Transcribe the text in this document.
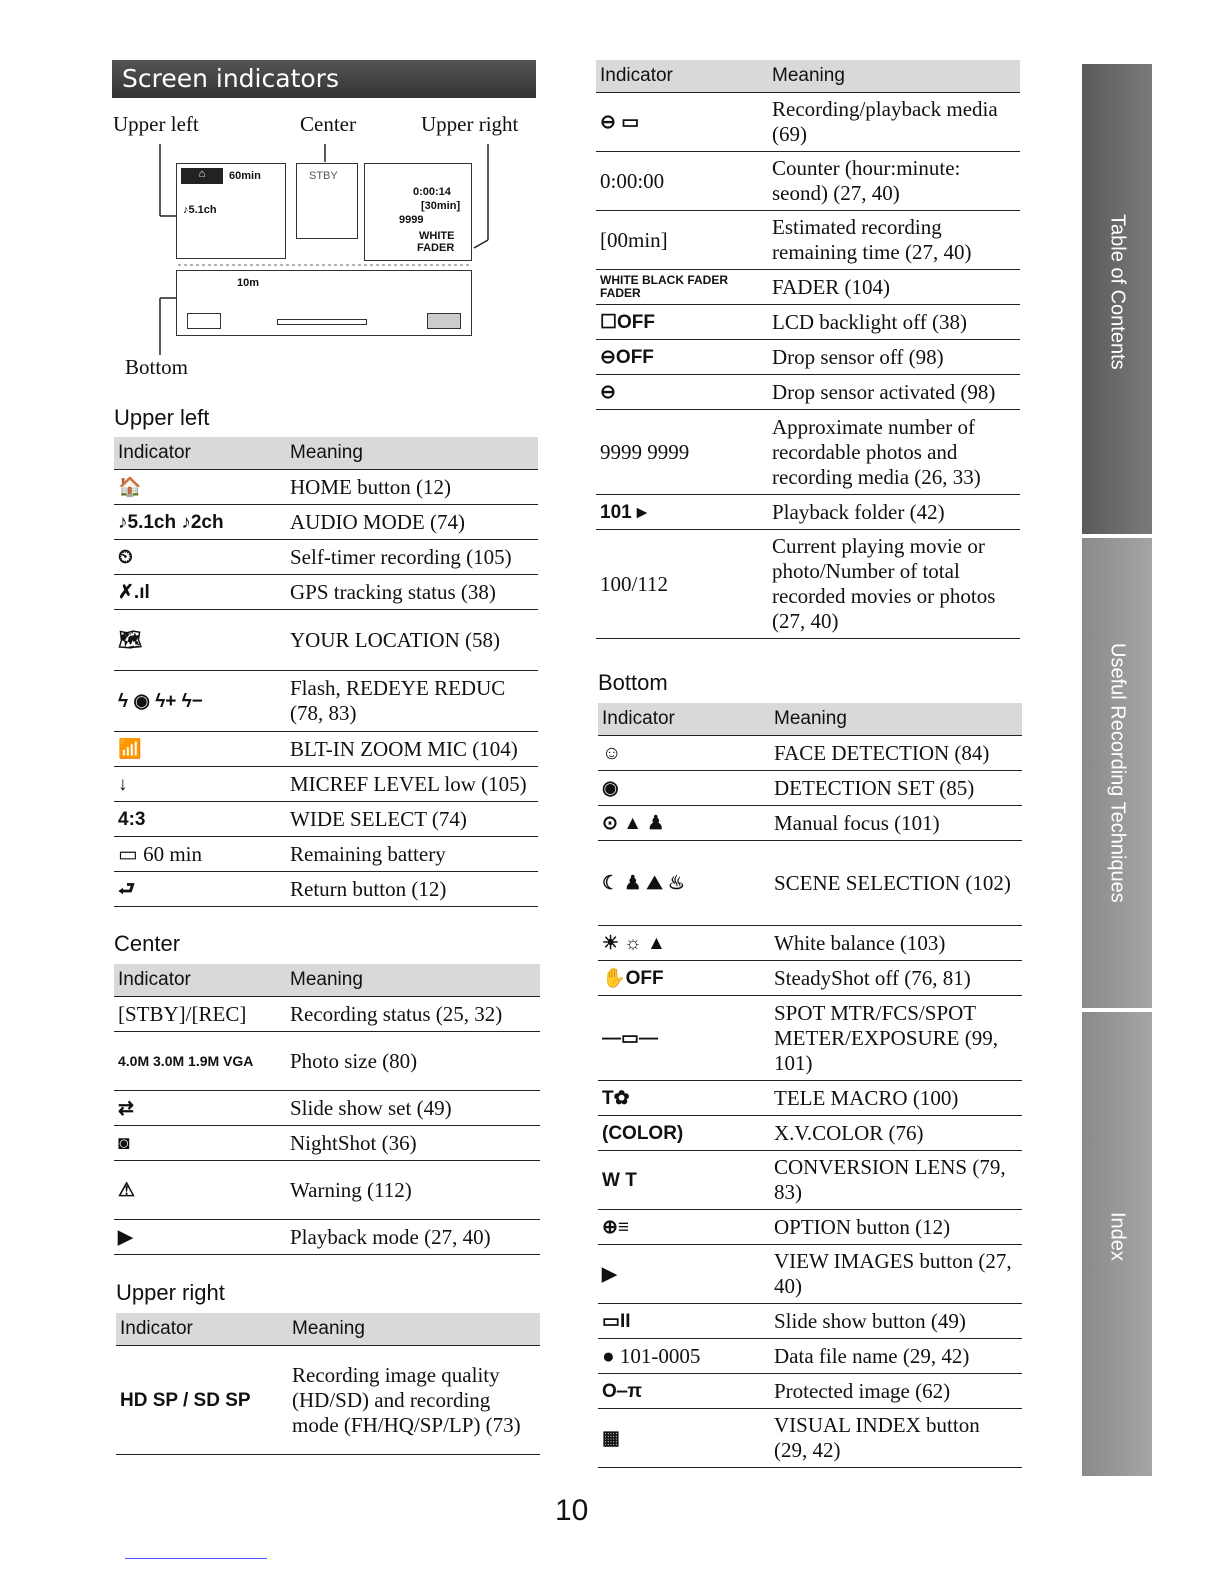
Screen indicators
Upper left	Center	Upper right
Bottom
⌂	60min
♪5.1ch
STBY
0:00:14
[30min]
9999
WHITE
FADER
10m
Upper left
Indicator	Meaning
🏠	HOME button (12)
♪5.1ch ♪2ch	AUDIO MODE (74)
⏲	Self-timer recording (105)
✗.ıl	GPS tracking status (38)
🗺	YOUR LOCATION (58)
ϟ ◉ ϟ+ ϟ−	Flash, REDEYE REDUC (78, 83)
📶	BLT-IN ZOOM MIC (104)
↓	MICREF LEVEL low (105)
4:3	WIDE SELECT (74)
▭ 60 min	Remaining battery
⮐	Return button (12)
Center
Indicator	Meaning
[STBY]/[REC]	Recording status (25, 32)
4.0M 3.0M 1.9M VGA	Photo size (80)
⇄	Slide show set (49)
◙	NightShot (36)
⚠	Warning (112)
▶	Playback mode (27, 40)
Upper right
Indicator	Meaning
HD SP / SD SP	Recording image quality (HD/SD) and recording mode (FH/HQ/SP/LP) (73)
Indicator	Meaning
⊖ ▭	Recording/playback media (69)
0:00:00	Counter (hour:minute: seond) (27, 40)
[00min]	Estimated recording remaining time (27, 40)
WHITE BLACK FADER FADER	FADER (104)
☐OFF	LCD backlight off (38)
⊖OFF	Drop sensor off (98)
⊖	Drop sensor activated (98)
9999 9999	Approximate number of recordable photos and recording media (26, 33)
101 ▸	Playback folder (42)
100/112	Current playing movie or photo/Number of total recorded movies or photos (27, 40)
Bottom
Indicator	Meaning
☺	FACE DETECTION (84)
◉	DETECTION SET (85)
⊙ ▲ ♟	Manual focus (101)
☾ ♟ ⛰ ♨	SCENE SELECTION (102)
☀ ☼ ▲	White balance (103)
✋OFF	SteadyShot off (76, 81)
—▭—	SPOT MTR/FCS/SPOT METER/EXPOSURE (99, 101)
T✿	TELE MACRO (100)
(COLOR)	X.V.COLOR (76)
W T	CONVERSION LENS (79, 83)
⊕≡	OPTION button (12)
▶	VIEW IMAGES button (27, 40)
▭II	Slide show button (49)
● 101-0005	Data file name (29, 42)
O‒π	Protected image (62)
▦	VISUAL INDEX button (29, 42)
Table of Contents
Useful Recording Techniques
Index
10
